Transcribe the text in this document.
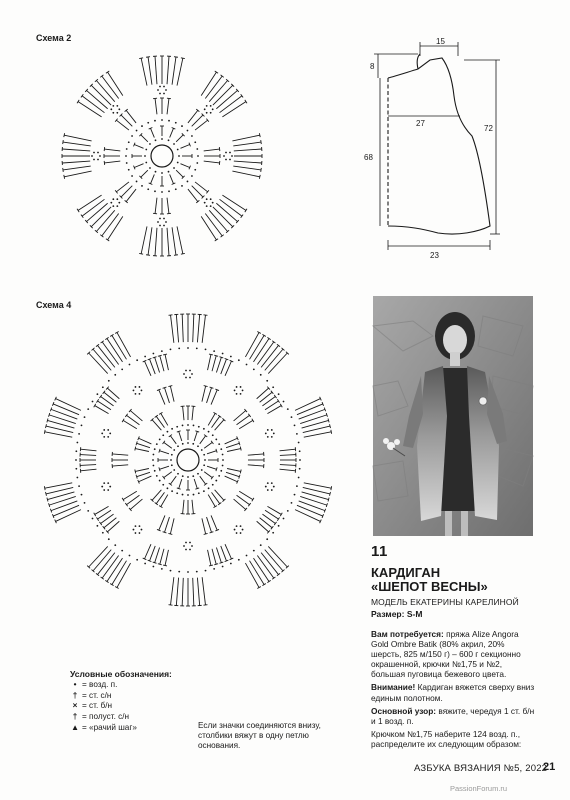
Схема 2
Схема 4
15
8
27
72
68
23
11
КАРДИГАН
«ШЕПОТ ВЕСНЫ»
МОДЕЛЬ ЕКАТЕРИНЫ КАРЕЛИНОЙ
Размер: S-M

Вам потребуется: пряжа Alize Angora Gold Ombre Batik (80% акрил, 20% шерсть, 825 м/150 г) – 600 г секционно окрашенной, крючки №1,75 и №2, большая пуговица бежевого цвета.

Внимание! Кардиган вяжется сверху вниз единым полотном.

Основной узор: вяжите, чередуя 1 ст. б/н и 1 возд. п.

Крючком №1,75 наберите 124 возд. п., распределите их следующим образом:

Условные обозначения:
• = возд. п.
† = ст. с/н
× = ст. б/н
† = полуст. с/н
▲ = «рачий шаг»	Если значки соединяются внизу, столбики вяжут в одну петлю основания.
АЗБУКА ВЯЗАНИЯ №5, 2022
21
PassionForum.ru
